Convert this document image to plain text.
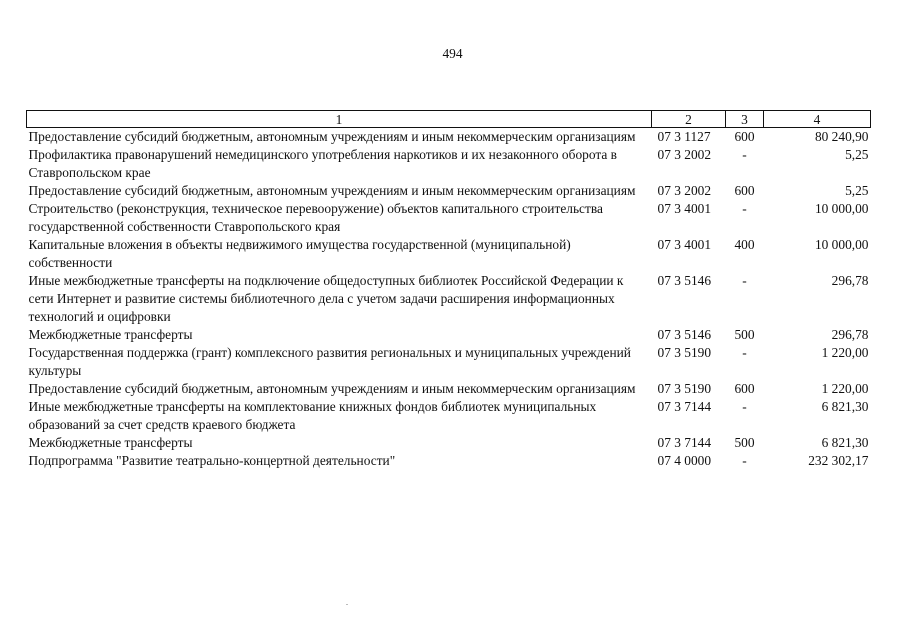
494
1	2	3	4
Предоставление субсидий бюджетным, автономным учреждениям и иным некоммерческим организациям	07 3 1127	600	80 240,90
Профилактика правонарушений немедицинского употребления наркотиков и их незаконного оборота в Ставропольском крае	07 3 2002	-	5,25
Предоставление субсидий бюджетным, автономным учреждениям и иным некоммерческим организациям	07 3 2002	600	5,25
Строительство (реконструкция, техническое перевооружение) объектов капитального строительства государственной собственности Ставропольского края	07 3 4001	-	10 000,00
Капитальные вложения в объекты недвижимого имущества государственной (муниципальной) собственности	07 3 4001	400	10 000,00
Иные межбюджетные трансферты на подключение общедоступных библиотек Российской Федерации к сети Интернет и развитие системы библиотечного дела с учетом задачи расширения информационных технологий и оцифровки	07 3 5146	-	296,78
Межбюджетные трансферты	07 3 5146	500	296,78
Государственная поддержка (грант) комплексного развития региональных и муниципальных учреждений культуры	07 3 5190	-	1 220,00
Предоставление субсидий бюджетным, автономным учреждениям и иным некоммерческим организациям	07 3 5190	600	1 220,00
Иные межбюджетные трансферты на комплектование книжных фондов библиотек муниципальных образований за счет средств краевого бюджета	07 3 7144	-	6 821,30
Межбюджетные трансферты	07 3 7144	500	6 821,30
Подпрограмма "Развитие театрально-концертной деятельности"	07 4 0000	-	232 302,17
